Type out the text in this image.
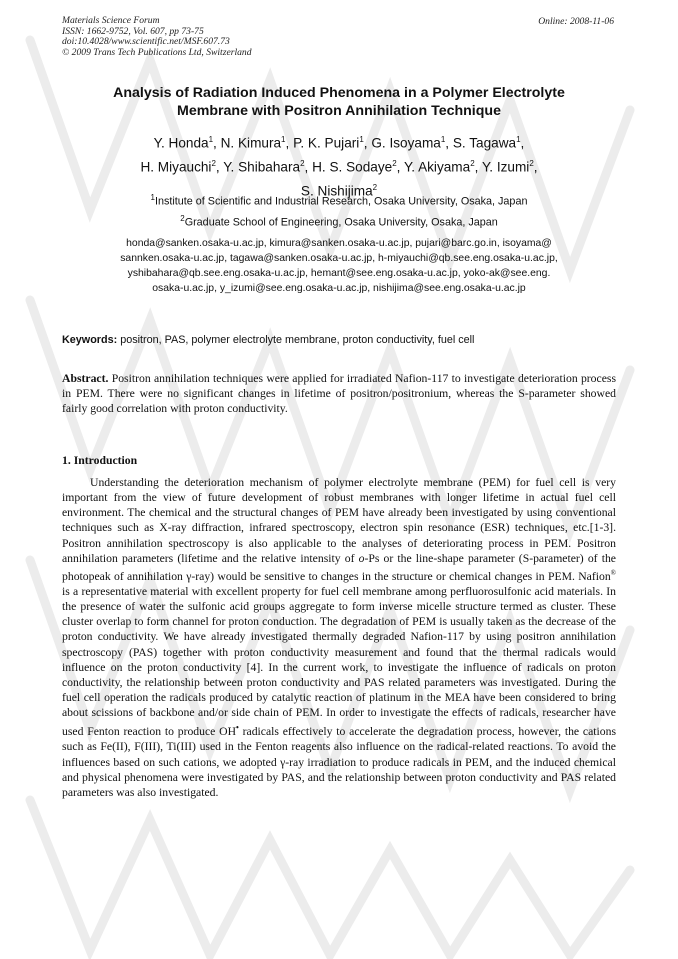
Materials Science Forum
ISSN: 1662-9752, Vol. 607, pp 73-75
doi:10.4028/www.scientific.net/MSF.607.73
© 2009 Trans Tech Publications Ltd, Switzerland
Online: 2008-11-06
Analysis of Radiation Induced Phenomena in a Polymer Electrolyte
Membrane with Positron Annihilation Technique
Y. Honda$^1$, N. Kimura$^1$, P. K. Pujari$^1$, G. Isoyama$^1$, S. Tagawa$^1$,
H. Miyauchi$^2$, Y. Shibahara$^2$, H. S. Sodaye$^2$, Y. Akiyama$^2$, Y. Izumi$^2$,
S. Nishijima$^2$
$^1$Institute of Scientific and Industrial Research, Osaka University, Osaka, Japan
$^2$Graduate School of Engineering, Osaka University, Osaka, Japan
honda@sanken.osaka-u.ac.jp, kimura@sanken.osaka-u.ac.jp, pujari@barc.go.in, isoyama@
sannken.osaka-u.ac.jp, tagawa@sanken.osaka-u.ac.jp, h-miyauchi@qb.see.eng.osaka-u.ac.jp,
yshibahara@qb.see.eng.osaka-u.ac.jp, hemant@see.eng.osaka-u.ac.jp, yoko-ak@see.eng.
osaka-u.ac.jp, y_izumi@see.eng.osaka-u.ac.jp, nishijima@see.eng.osaka-u.ac.jp
Keywords: positron, PAS, polymer electrolyte membrane, proton conductivity, fuel cell
Abstract. Positron annihilation techniques were applied for irradiated Nafion-117 to investigate deterioration process in PEM. There were no significant changes in lifetime of positron/positronium, whereas the S-parameter showed fairly good correlation with proton conductivity.
1. Introduction

Understanding the deterioration mechanism of polymer electrolyte membrane (PEM) for fuel cell is very important from the view of future development of robust membranes with longer lifetime in actual fuel cell environment. The chemical and the structural changes of PEM have already been investigated by using conventional techniques such as X-ray diffraction, infrared spectroscopy, electron spin resonance (ESR) techniques, etc.[1-3]. Positron annihilation spectroscopy is also applicable to the analyses of deteriorating process in PEM. Positron annihilation parameters (lifetime and the relative intensity of o-Ps or the line-shape parameter (S-parameter) of the photopeak of annihilation γ-ray) would be sensitive to changes in the structure or chemical changes in PEM. Nafion® is a representative material with excellent property for fuel cell membrane among perfluorosulfonic acid materials. In the presence of water the sulfonic acid groups aggregate to form inverse micelle structure termed as cluster. These cluster overlap to form channel for proton conduction. The degradation of PEM is usually taken as the decrease of the proton conductivity. We have already investigated thermally degraded Nafion-117 by using positron annihilation spectroscopy (PAS) together with proton conductivity measurement and found that the thermal radicals would influence on the proton conductivity [4]. In the current work, to investigate the influence of radicals on proton conductivity, the relationship between proton conductivity and PAS related parameters was investigated. During the fuel cell operation the radicals produced by catalytic reaction of platinum in the MEA have been considered to bring about scissions of backbone and/or side chain of PEM. In order to investigate the effects of radicals, researcher have used Fenton reaction to produce OH• radicals effectively to accelerate the degradation process, however, the cations such as Fe(II), F(III), Ti(III) used in the Fenton reagents also influence on the radical-related reactions. To avoid the influences based on such cations, we adopted γ-ray irradiation to produce radicals in PEM, and the induced chemical and physical phenomena were investigated by PAS, and the relationship between proton conductivity and PAS related parameters was also investigated.
